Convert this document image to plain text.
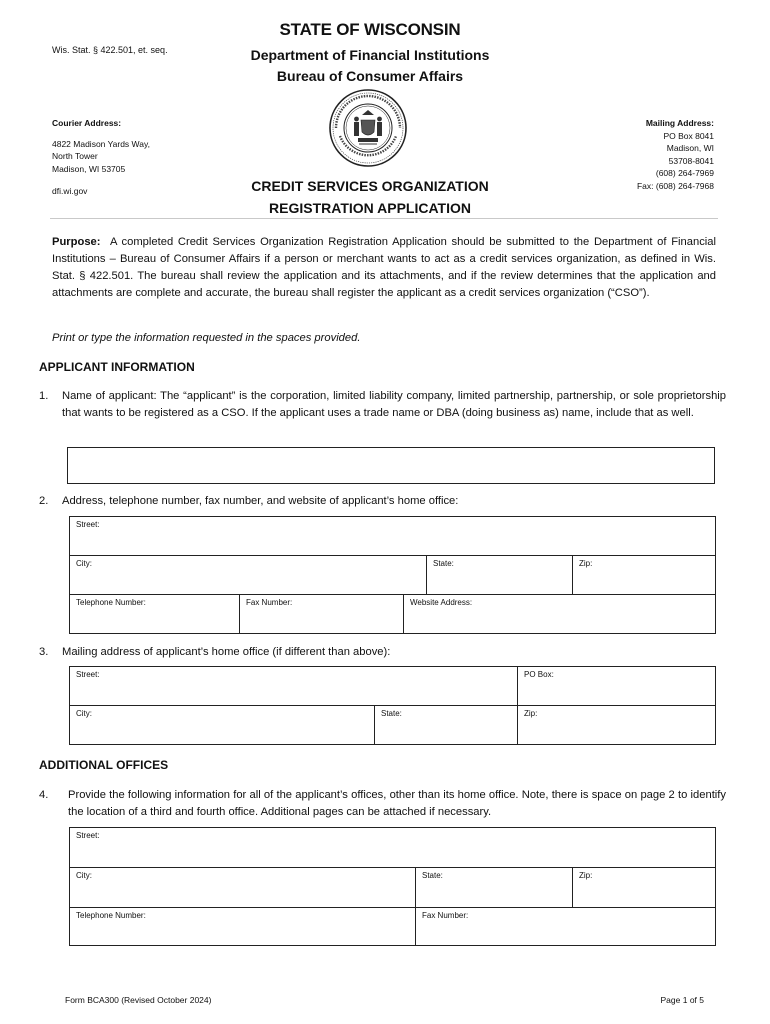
Wis. Stat. § 422.501, et. seq.
STATE OF WISCONSIN
Department of Financial Institutions
Bureau of Consumer Affairs
Courier Address:
4822 Madison Yards Way,
North Tower
Madison, WI 53705
dfi.wi.gov
Mailing Address:
PO Box 8041
Madison, WI
53708-8041
(608) 264-7969
Fax: (608) 264-7968
CREDIT SERVICES ORGANIZATION
REGISTRATION APPLICATION
Purpose: A completed Credit Services Organization Registration Application should be submitted to the Department of Financial Institutions – Bureau of Consumer Affairs if a person or merchant wants to act as a credit services organization, as defined in Wis. Stat. § 422.501. The bureau shall review the application and its attachments, and if the review determines that the application and attachments are complete and accurate, the bureau shall register the applicant as a credit services organization (“CSO”).
Print or type the information requested in the spaces provided.
APPLICANT INFORMATION
1. Name of applicant: The “applicant” is the corporation, limited liability company, limited partnership, partnership, or sole proprietorship that wants to be registered as a CSO. If the applicant uses a trade name or DBA (doing business as) name, include that as well.
2. Address, telephone number, fax number, and website of applicant’s home office:
Street:
City:	State:	Zip:
Telephone Number:	Fax Number:	Website Address:
3. Mailing address of applicant’s home office (if different than above):
Street:	PO Box:
City:	State:	Zip:
ADDITIONAL OFFICES
4. Provide the following information for all of the applicant’s offices, other than its home office. Note, there is space on page 2 to identify the location of a third and fourth office. Additional pages can be attached if necessary.
Street:
City:	State:	Zip:
Telephone Number:	Fax Number:
Form BCA300 (Revised October 2024)	Page 1 of 5
